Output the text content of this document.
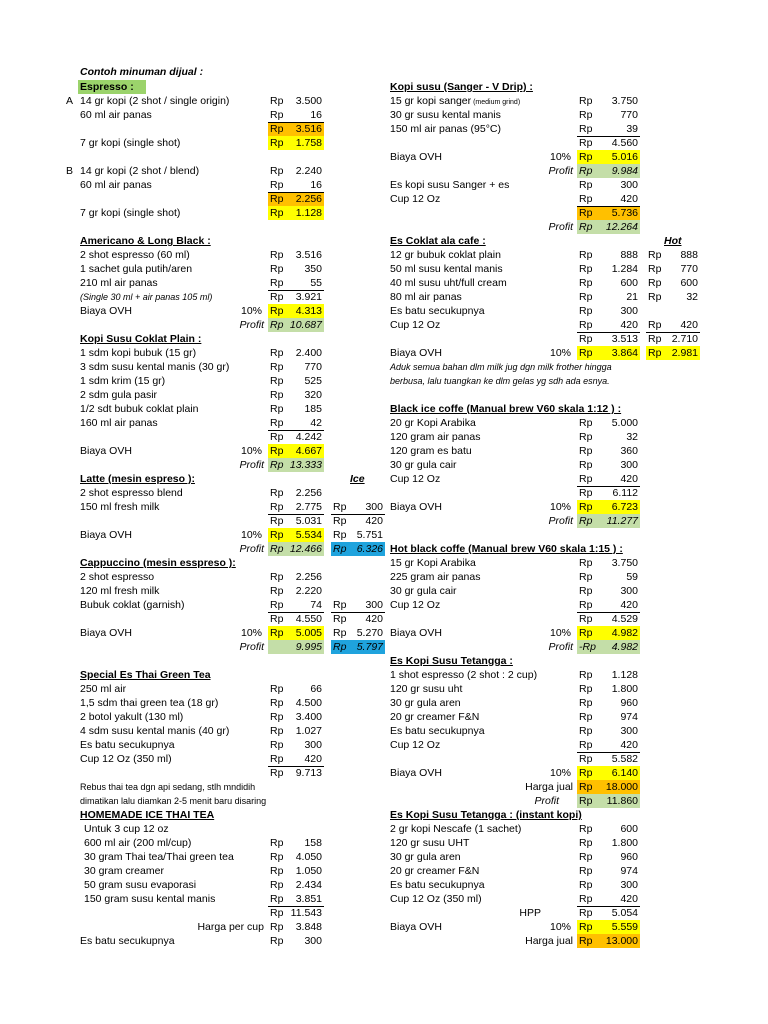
Contoh minuman dijual :
Espresso :
A 14 gr kopi (2 shot / single origin)	Rp	3.500
60 ml air panas	Rp	16
Rp	3.516
7 gr kopi (single shot)	Rp	1.758
B 14 gr kopi (2 shot / blend)	Rp	2.240
60 ml air panas	Rp	16
Rp	2.256
7 gr kopi (single shot)	Rp	1.128
Americano & Long Black :
2 shot espresso (60 ml)	Rp	3.516
1 sachet gula putih/aren	Rp	350
210 ml air panas	Rp	55
(Single 30 ml + air panas 105 ml)	Rp	3.921
Biaya OVH	10% Rp	4.313
Profit Rp 10.687
Kopi Susu Coklat Plain :
1 sdm kopi bubuk (15 gr)	Rp	2.400
3 sdm susu kental manis (30 gr)	Rp	770
1 sdm krim (15 gr)	Rp	525
2 sdm gula pasir	Rp	320
1/2 sdt bubuk coklat plain	Rp	185
160 ml air panas	Rp	42
Rp	4.242
Biaya OVH	10% Rp	4.667
Profit Rp 13.333
Latte (mesin espreso ):	Ice
2 shot espresso blend	Rp	2.256
150 ml fresh milk	Rp	2.775 Rp	300
Rp	5.031 Rp	420
Biaya OVH	10% Rp	5.534 Rp 5.751
Profit Rp 12.466 Rp 6.326
Cappuccino (mesin esspreso ):
2 shot espresso	Rp	2.256
120 ml fresh milk	Rp	2.220
Bubuk coklat (garnish)	Rp	74 Rp	300
Rp	4.550 Rp	420
Biaya OVH	10% Rp	5.005 Rp 5.270
Profit	9.995 Rp 5.797
Special Es Thai Green Tea
250 ml air	Rp	66
1,5 sdm thai green tea (18 gr)	Rp	4.500
2 botol yakult (130 ml)	Rp	3.400
4 sdm susu kental manis (40 gr)	Rp	1.027
Es batu secukupnya	Rp	300
Cup 12 Oz (350 ml)	Rp	420
Rp	9.713
Rebus thai tea dgn api sedang, stlh mndidih
dimatikan lalu diamkan 2-5 menit baru disaring
HOMEMADE ICE THAI TEA
Untuk 3 cup 12 oz
600 ml air (200 ml/cup)	Rp	158
30 gram Thai tea/Thai green tea	Rp	4.050
30 gram creamer	Rp	1.050
50 gram susu evaporasi	Rp	2.434
150 gram susu kental manis	Rp	3.851
Rp 11.543
Harga per cup Rp	3.848
Es batu secukupnya	Rp	300
Kopi susu (Sanger - V Drip) :
15 gr kopi sanger (medium grind)	Rp	3.750
30 gr susu kental manis	Rp	770
150 ml air panas (95°C)	Rp	39
Rp	4.560
Biaya OVH	10% Rp	5.016
Profit Rp	9.984
Es kopi susu Sanger + es	Rp	300
Cup 12 Oz	Rp	420
Rp	5.736
Profit Rp	12.264
Es Coklat ala cafe :	Hot
12 gr bubuk coklat plain	Rp	888 Rp	888
50 ml susu kental manis	Rp	1.284 Rp	770
40 ml susu uht/full cream	Rp	600 Rp	600
80 ml air panas	Rp	21 Rp	32
Es batu secukupnya	Rp	300
Cup 12 Oz	Rp	420 Rp	420
Rp	3.513 Rp 2.710
Biaya OVH	10% Rp	3.864 Rp 2.981
Aduk semua bahan dlm milk jug dgn milk frother hingga
berbusa, lalu tuangkan ke dlm gelas yg sdh ada esnya.
Black ice coffe (Manual brew V60 skala 1:12 ) :
20 gr Kopi Arabika	Rp	5.000
120 gram air panas	Rp	32
120 gram es batu	Rp	360
30 gr gula cair	Rp	300
Cup 12 Oz	Rp	420
Rp	6.112
Biaya OVH	10% Rp	6.723
Profit Rp	11.277
Hot black coffe (Manual brew V60 skala 1:15 ) :
15 gr Kopi Arabika	Rp	3.750
225 gram air panas	Rp	59
30 gr gula cair	Rp	300
Cup 12 Oz	Rp	420
Rp	4.529
Biaya OVH	10% Rp	4.982
Profit -Rp	4.982
Es Kopi Susu Tetangga :
1 shot espresso (2 shot : 2 cup)	Rp	1.128
120 gr susu uht	Rp	1.800
30 gr gula aren	Rp	960
20 gr creamer F&N	Rp	974
Es batu secukupnya	Rp	300
Cup 12 Oz	Rp	420
Rp	5.582
Biaya OVH	10% Rp	6.140
Harga jual Rp	18.000
Profit Rp	11.860
Es Kopi Susu Tetangga : (instant kopi)
2 gr kopi Nescafe (1 sachet)	Rp	600
120 gr susu UHT	Rp	1.800
30 gr gula aren	Rp	960
20 gr creamer F&N	Rp	974
Es batu secukupnya	Rp	300
Cup 12 Oz (350 ml)	Rp	420
HPP	Rp	5.054
Biaya OVH	10% Rp	5.559
Harga jual Rp	13.000
